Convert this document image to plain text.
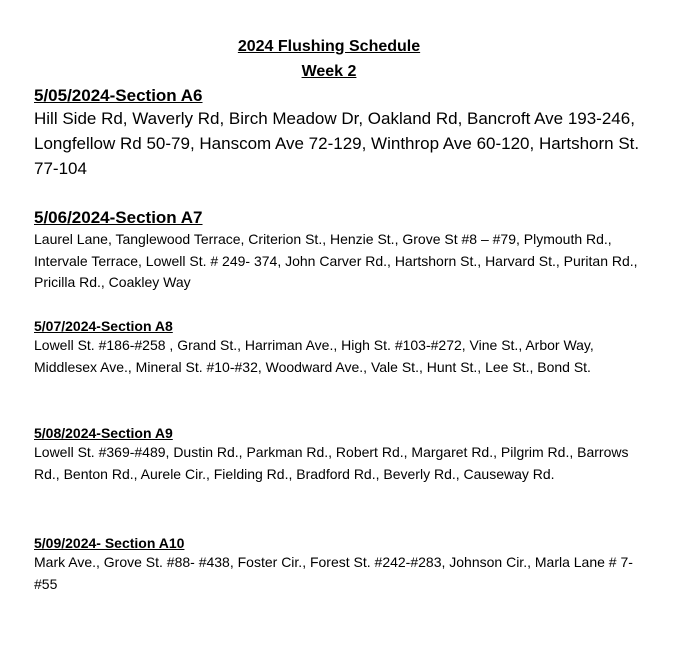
2024 Flushing Schedule
Week 2
5/05/2024-Section A6

Hill Side Rd, Waverly Rd, Birch Meadow Dr, Oakland Rd, Bancroft Ave 193-246, Longfellow Rd 50-79, Hanscom Ave 72-129, Winthrop Ave 60-120, Hartshorn St. 77-104

5/06/2024-Section A7

Laurel Lane, Tanglewood Terrace, Criterion St., Henzie St., Grove St #8 – #79, Plymouth Rd., Intervale Terrace, Lowell St. # 249- 374, John Carver Rd., Hartshorn St., Harvard St., Puritan Rd., Pricilla Rd., Coakley Way

5/07/2024-Section A8

Lowell St. #186-#258 , Grand St., Harriman Ave., High St. #103-#272, Vine St., Arbor Way, Middlesex Ave., Mineral St. #10-#32, Woodward Ave., Vale St., Hunt St., Lee St., Bond St.

5/08/2024-Section A9

Lowell St. #369-#489, Dustin Rd., Parkman Rd., Robert Rd., Margaret Rd., Pilgrim Rd., Barrows Rd., Benton Rd., Aurele Cir., Fielding Rd., Bradford Rd., Beverly Rd., Causeway Rd.

5/09/2024- Section A10

Mark Ave., Grove St. #88- #438, Foster Cir., Forest St. #242-#283, Johnson Cir., Marla Lane # 7-#55
